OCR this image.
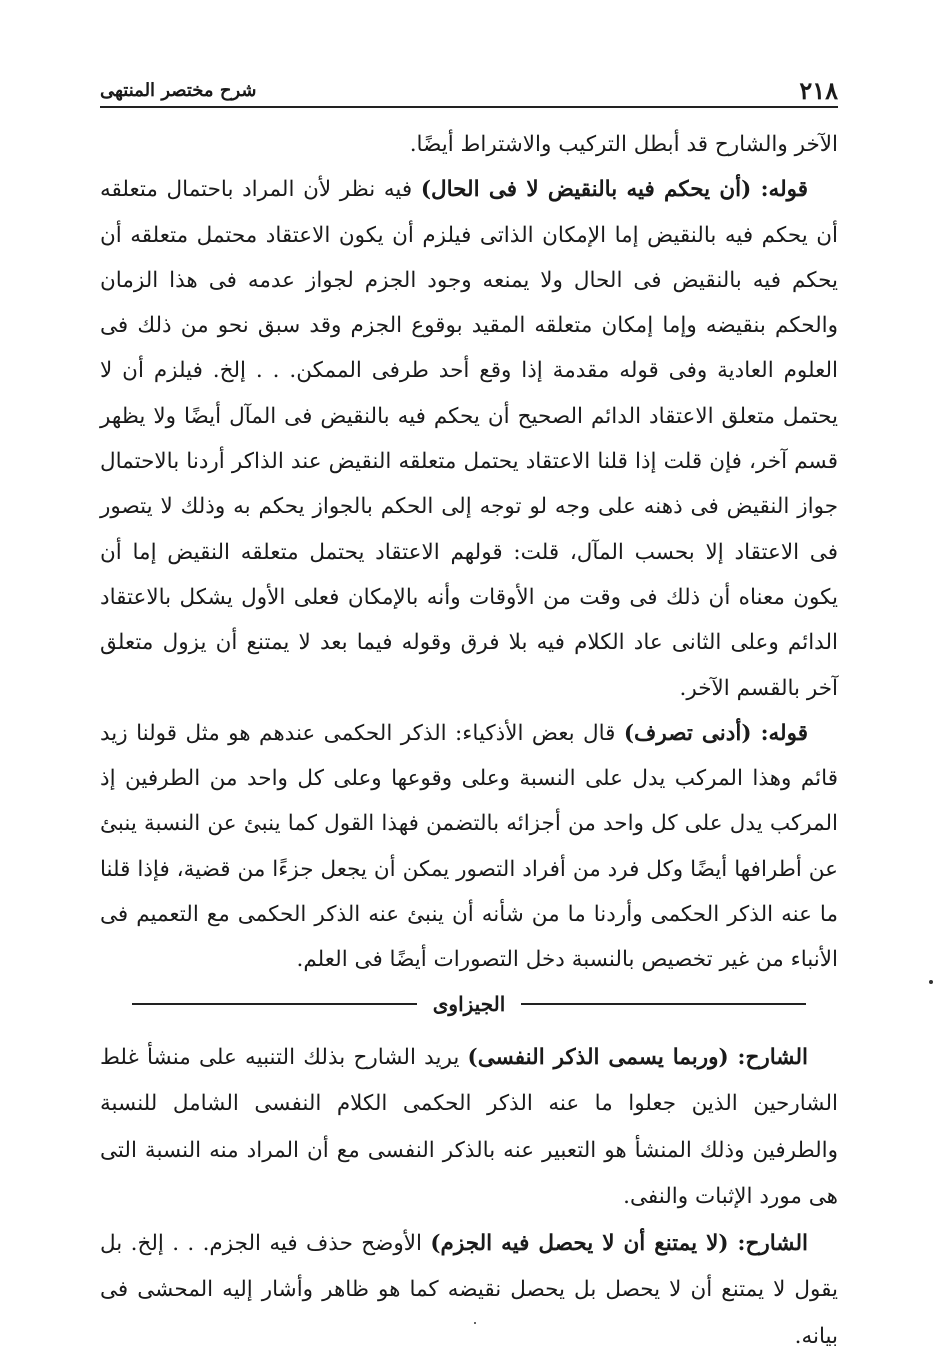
٢١٨
شرح مختصر المنتهى

الآخر والشارح قد أبطل التركيب والاشتراط أيضًا.

قوله: (أن يحكم فيه بالنقيض لا فى الحال) فيه نظر لأن المراد باحتمال متعلقه أن يحكم فيه بالنقيض إما الإمكان الذاتى فيلزم أن يكون الاعتقاد محتمل متعلقه أن يحكم فيه بالنقيض فى الحال ولا يمنعه وجود الجزم لجواز عدمه فى هذا الزمان والحكم بنقيضه وإما إمكان متعلقه المقيد بوقوع الجزم وقد سبق نحو من ذلك فى العلوم العادية وفى قوله مقدمة إذا وقع أحد طرفى الممكن. . . إلخ. فيلزم أن لا يحتمل متعلق الاعتقاد الدائم الصحيح أن يحكم فيه بالنقيض فى المآل أيضًا ولا يظهر قسم آخر، فإن قلت إذا قلنا الاعتقاد يحتمل متعلقه النقيض عند الذاكر أردنا بالاحتمال جواز النقيض فى ذهنه على وجه لو توجه إلى الحكم بالجواز يحكم به وذلك لا يتصور فى الاعتقاد إلا بحسب المآل، قلت: قولهم الاعتقاد يحتمل متعلقه النقيض إما أن يكون معناه أن ذلك فى وقت من الأوقات وأنه بالإمكان فعلى الأول يشكل بالاعتقاد الدائم وعلى الثانى عاد الكلام فيه بلا فرق وقوله فيما بعد لا يمتنع أن يزول متعلق آخر بالقسم الآخر.

قوله: (أدنى تصرف) قال بعض الأذكياء: الذكر الحكمى عندهم هو مثل قولنا زيد قائم وهذا المركب يدل على النسبة وعلى وقوعها وعلى كل واحد من الطرفين إذ المركب يدل على كل واحد من أجزائه بالتضمن فهذا القول كما ينبئ عن النسبة ينبئ عن أطرافها أيضًا وكل فرد من أفراد التصور يمكن أن يجعل جزءًا من قضية، فإذا قلنا ما عنه الذكر الحكمى وأردنا ما من شأنه أن ينبئ عنه الذكر الحكمى مع التعميم فى الأنباء من غير تخصيص بالنسبة دخل التصورات أيضًا فى العلم.

الجيزاوى

الشارح: (وربما يسمى الذكر النفسى) يريد الشارح بذلك التنبيه على منشأ غلط الشارحين الذين جعلوا ما عنه الذكر الحكمى الكلام النفسى الشامل للنسبة والطرفين وذلك المنشأ هو التعبير عنه بالذكر النفسى مع أن المراد منه النسبة التى هى مورد الإثبات والنفى.

الشارح: (لا يمتنع أن لا يحصل فيه الجزم) الأوضح حذف فيه الجزم. . . إلخ. بل يقول لا يمتنع أن لا يحصل بل يحصل نقيضه كما هو ظاهر وأشار إليه المحشى فى بيانه.
